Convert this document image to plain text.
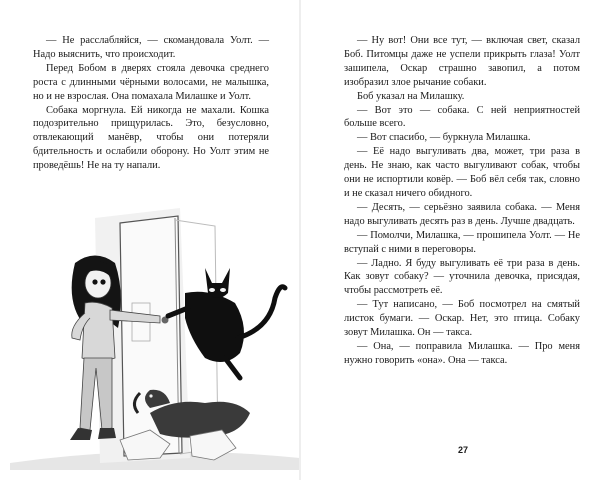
— Не расслабляйся, — скомандовала Уолт. — Надо выяснить, что происходит.

Перед Бобом в дверях стояла девочка среднего роста с длинными чёрными волосами, не малышка, но и не взрослая. Она помахала Милашке и Уолт.

Собака моргнула. Ей никогда не махали. Кошка подозрительно прищурилась. Это, безусловно, отвлекающий манёвр, чтобы они потеряли бдительность и ослабили оборону. Но Уолт этим не проведёшь! Не на ту напали.

— Ну вот! Они все тут, — включая свет, сказал Боб. Питомцы даже не успели прикрыть глаза! Уолт зашипела, Оскар страшно завопил, а потом изобразил злое рычание собаки.

Боб указал на Милашку.

— Вот это — собака. С ней неприятностей больше всего.

— Вот спасибо, — буркнула Милашка.

— Её надо выгуливать два, может, три раза в день. Не знаю, как часто выгуливают собак, чтобы они не испортили ковёр. — Боб вёл себя так, словно и не сказал ничего обидного.

— Десять, — серьёзно заявила собака. — Меня надо выгуливать десять раз в день. Лучше двадцать.

— Помолчи, Милашка, — прошипела Уолт. — Не вступай с ними в переговоры.

— Ладно. Я буду выгуливать её три раза в день. Как зовут собаку? — уточнила девочка, присядая, чтобы рассмотреть её.

— Тут написано, — Боб посмотрел на смятый листок бумаги. — Оскар. Нет, это птица. Собаку зовут Милашка. Он — такса.

— Она, — поправила Милашка. — Про меня нужно говорить «она». Она — такса.

27
